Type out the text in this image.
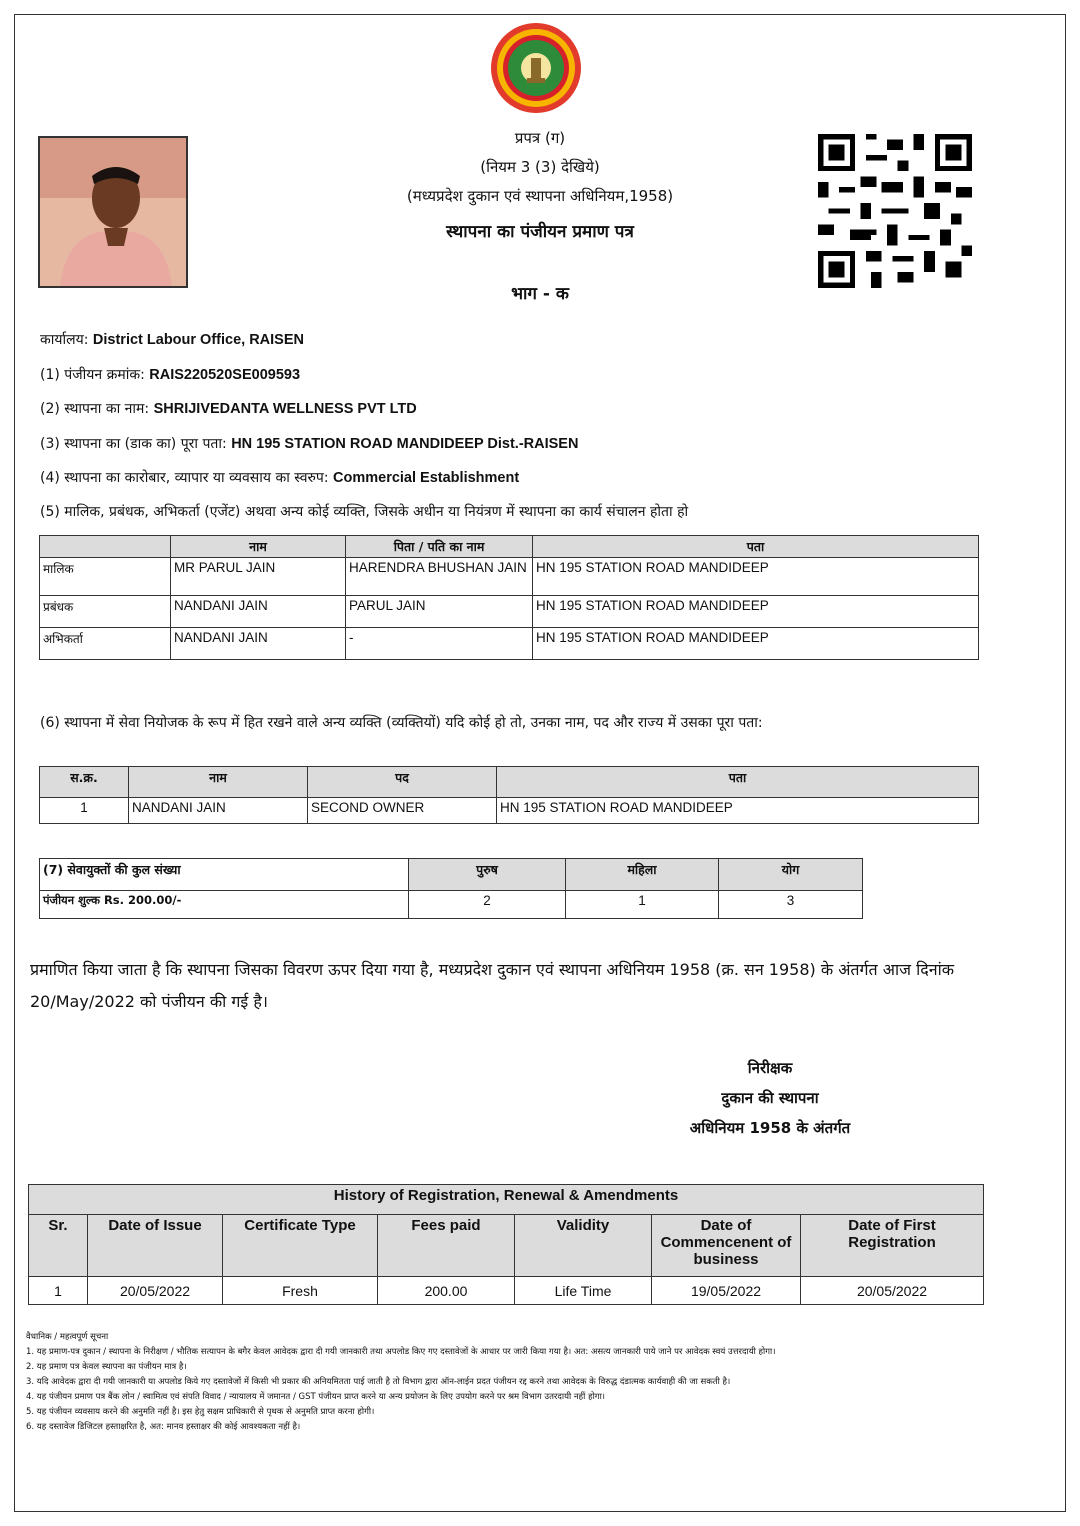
प्रपत्र (ग)
(नियम 3 (3) देखिये)
(मध्यप्रदेश दुकान एवं स्थापना अधिनियम,1958)
स्थापना का पंजीयन प्रमाण पत्र
भाग - क
कार्यालय: District Labour Office, RAISEN
(1) पंजीयन क्रमांक: RAIS220520SE009593
(2) स्थापना का नाम: SHRIJIVEDANTA WELLNESS PVT LTD
(3) स्थापना का (डाक का) पूरा पता: HN 195 STATION ROAD MANDIDEEP Dist.-RAISEN
(4) स्थापना का कारोबार, व्यापार या व्यवसाय का स्वरुप: Commercial Establishment
(5) मालिक, प्रबंधक, अभिकर्ता (एजेंट) अथवा अन्य कोई व्यक्ति, जिसके अधीन या नियंत्रण में स्थापना का कार्य संचालन होता हो
	नाम	पिता / पति का नाम	पता
मालिक	MR PARUL JAIN	HARENDRA BHUSHAN JAIN	HN 195 STATION ROAD MANDIDEEP
प्रबंधक	NANDANI JAIN	PARUL JAIN	HN 195 STATION ROAD MANDIDEEP
अभिकर्ता	NANDANI JAIN	-	HN 195 STATION ROAD MANDIDEEP
(6) स्थापना में सेवा नियोजक के रूप में हित रखने वाले अन्य व्यक्ति (व्यक्तियों) यदि कोई हो तो, उनका नाम, पद और राज्य में उसका पूरा पता:
स.क्र.	नाम	पद	पता
1	NANDANI JAIN	SECOND OWNER	HN 195 STATION ROAD MANDIDEEP
(7) सेवायुक्तों की कुल संख्या	पुरुष	महिला	योग
पंजीयन शुल्क Rs. 200.00/-	2	1	3
प्रमाणित किया जाता है कि स्थापना जिसका विवरण ऊपर दिया गया है, मध्यप्रदेश दुकान एवं स्थापना अधिनियम 1958 (क्र. सन 1958) के अंतर्गत आज दिनांक 20/May/2022 को पंजीयन की गई है।
निरीक्षक
दुकान की स्थापना
अधिनियम 1958 के अंतर्गत
History of Registration, Renewal & Amendments						
Sr.	Date of Issue	Certificate Type	Fees paid	Validity	Date of Commencenent of business	Date of First Registration
1	20/05/2022	Fresh	200.00	Life Time	19/05/2022	20/05/2022
वैधानिक / महत्वपूर्ण सूचना
1. यह प्रमाण-पत्र दुकान / स्थापना के निरीक्षण / भौतिक सत्यापन के बगैर केवल आवेदक द्वारा दी गयी जानकारी तथा अपलोड किए गए दस्तावेजों के आधार पर जारी किया गया है। अत: असत्य जानकारी पाये जाने पर आवेदक स्वयं उत्तरदायी होगा।
2. यह प्रमाण पत्र केवल स्थापना का पंजीयन मात्र है।
3. यदि आवेदक द्वारा दी गयी जानकारी या अपलोड किये गए दस्तावेजों में किसी भी प्रकार की अनियमितता पाई जाती है तो विभाग द्वारा ऑन-लाईन प्रदत पंजीयन रद्द करने तथा आवेदक के विरुद्ध दंडात्मक कार्यवाही की जा सकती है।
4. यह पंजीयन प्रमाण पत्र बैंक लोन / स्वामित्व एवं संपति विवाद / न्यायालय में जमानत / GST पंजीयन प्राप्त करने या अन्य प्रयोजन के लिए उपयोग करने पर श्रम विभाग उतरदायी नहीं होगा।
5. यह पंजीयन व्यवसाय करने की अनुमति नहीं है। इस हेतु सक्षम प्राधिकारी से पृथक से अनुमति प्राप्त करना होगी।
6. यह दस्तावेज डिजिटल हस्ताक्षरित है, अत: मानव हस्ताक्षर की कोई आवश्यकता नहीं है।
